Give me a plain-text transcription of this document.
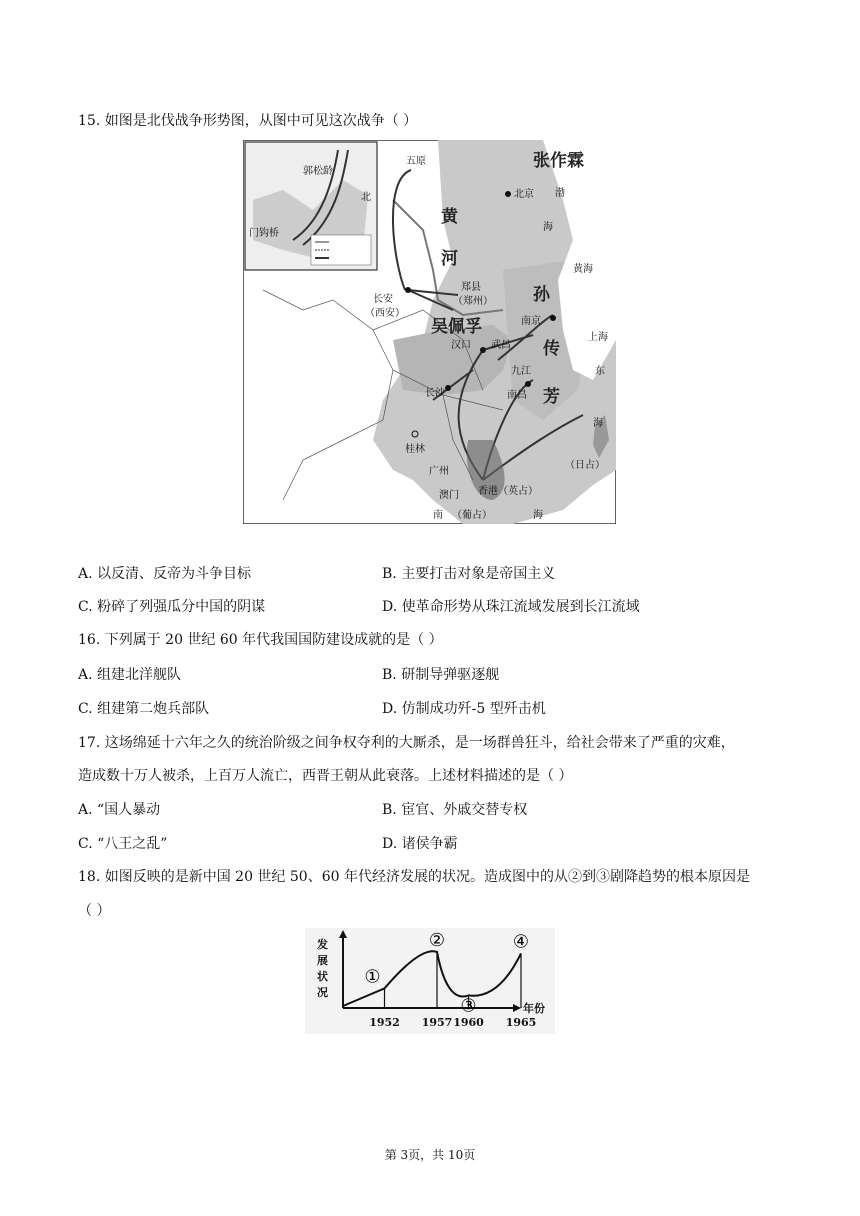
15. 如图是北伐战争形势图，从图中可见这次战争（ ）
郭松龄
北
门钩桥
张作霖
吴佩孚
孙
传
芳
五原
北京
长安
（西安）
郑县
（郑州）
汉口 武昌
南京
上海
九江
南昌
长沙
桂林
广州
澳门
（葡占）
香港（英占）
（日占）
黄
河
渤
海
黄海
东
海
南	海
A. 以反清、反帝为斗争目标	B. 主要打击对象是帝国主义
C. 粉碎了列强瓜分中国的阴谋	D. 使革命形势从珠江流域发展到长江流域
16. 下列属于 20 世纪 60 年代我国国防建设成就的是（ ）
A. 组建北洋舰队	B. 研制导弹驱逐舰
C. 组建第二炮兵部队	D. 仿制成功歼-5 型歼击机
17. 这场绵延十六年之久的统治阶级之间争权夺利的大厮杀，是一场群兽狂斗，给社会带来了严重的灾难，
造成数十万人被杀，上百万人流亡，西晋王朝从此衰落。上述材料描述的是（ ）
A. “国人暴动	B. 宦官、外戚交替专权
C. “八王之乱”	D. 诸侯争霸
18. 如图反映的是新中国 20 世纪 50、60 年代经济发展的状况。造成图中的从②到③剧降趋势的根本原因是
（ ）
发
展
状
况
年份
1952
①
1957
②
1960
③
1965
④
第 3页，共 10页
